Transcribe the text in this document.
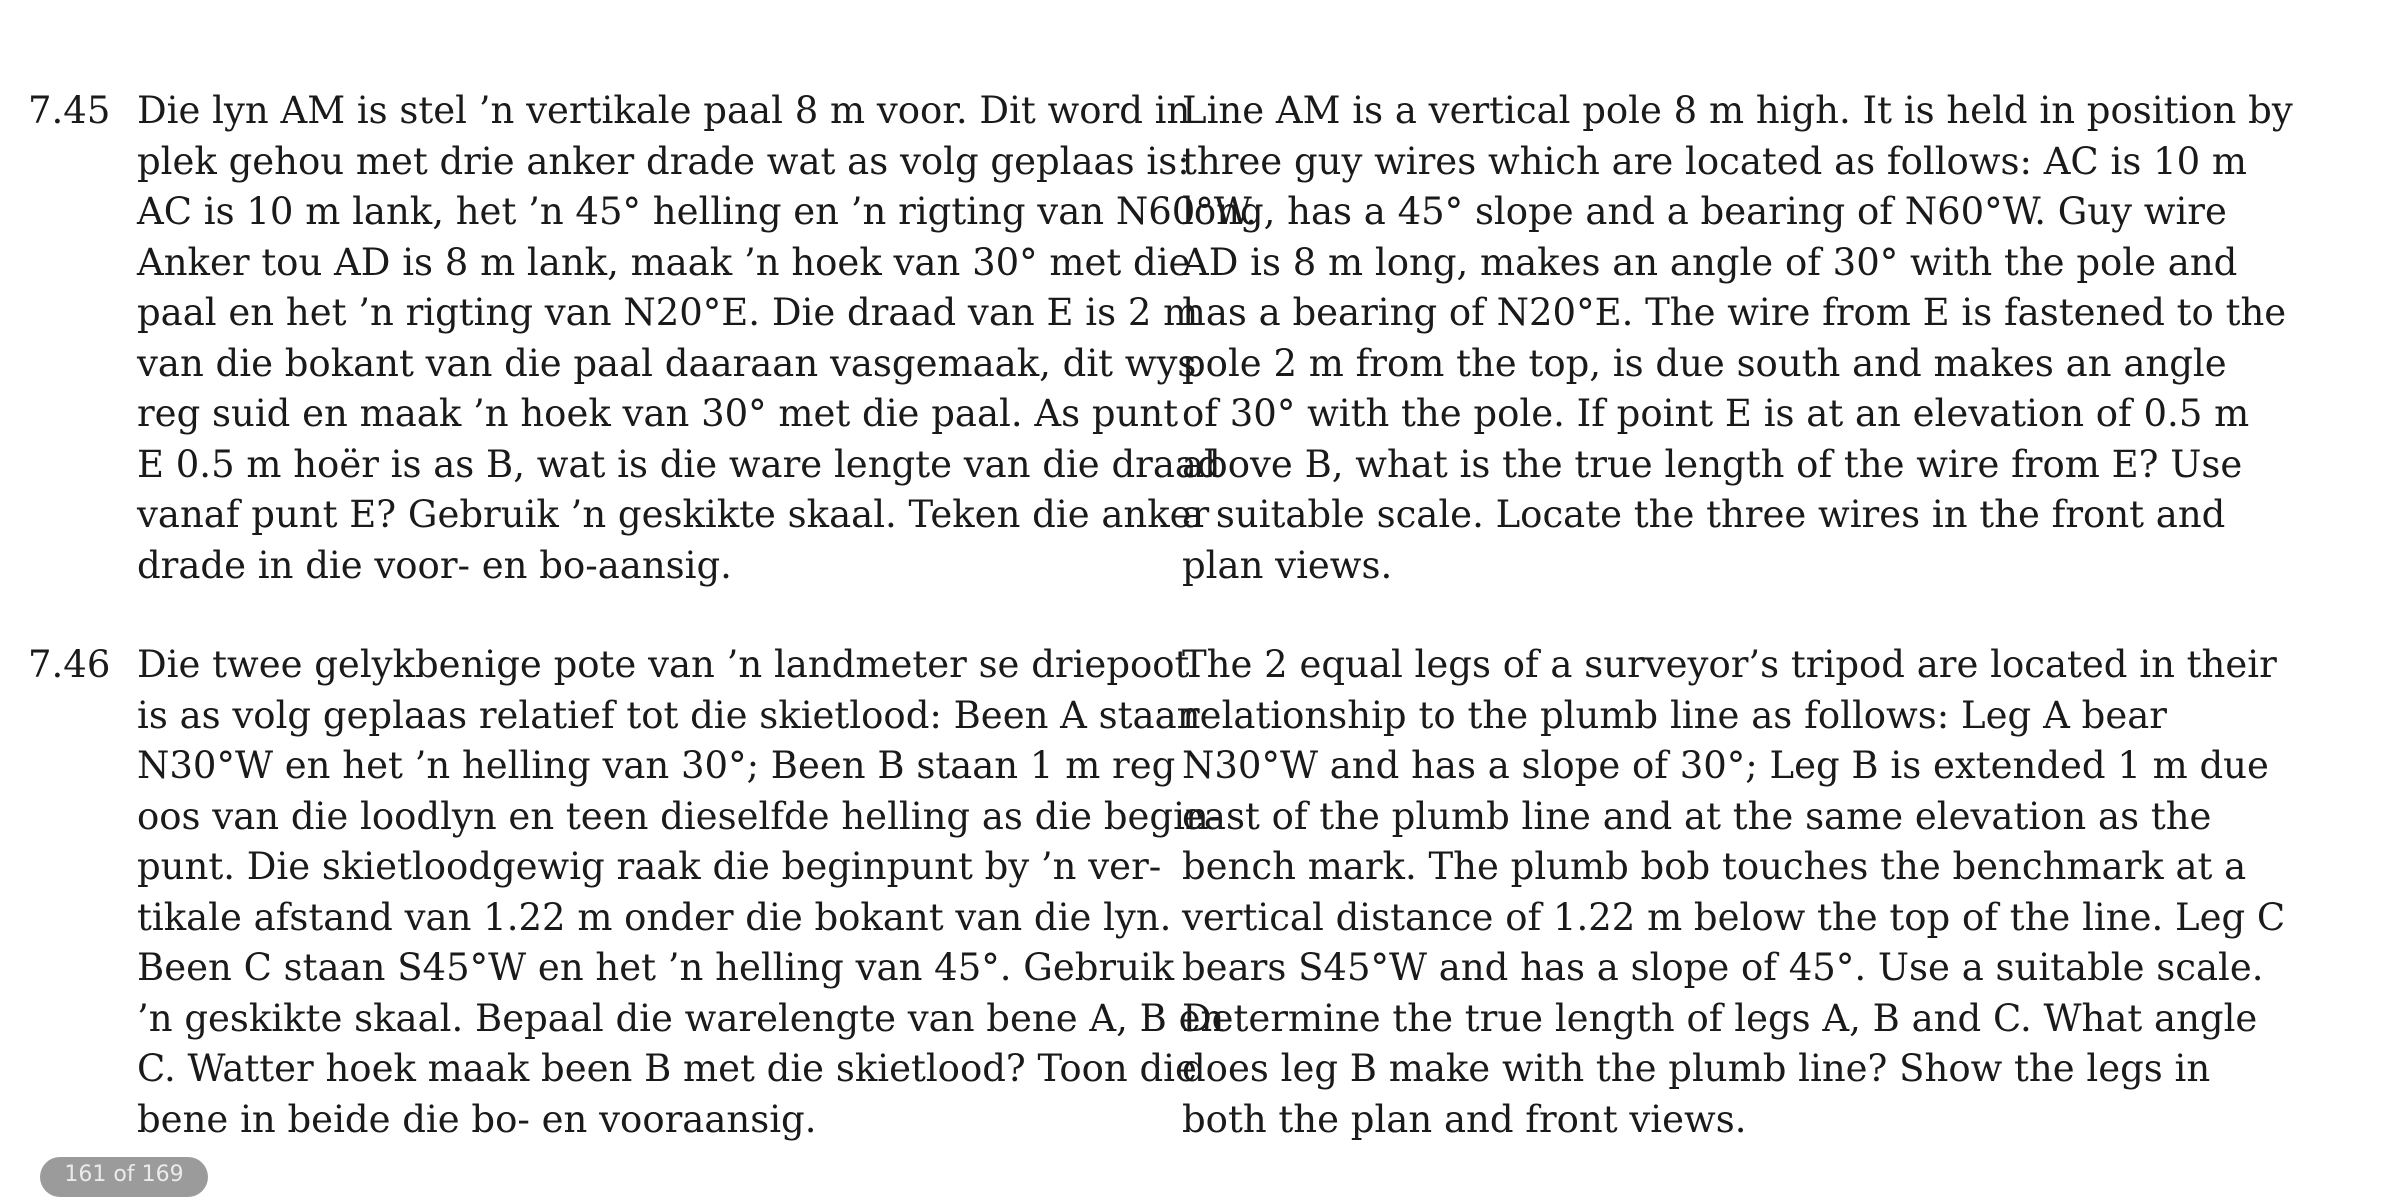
7.45 Die lyn AM is stel ’n vertikale paal 8 m voor. Dit word in
plek gehou met drie anker drade wat as volg geplaas is:
AC is 10 m lank, het ’n 45° helling en ’n rigting van N60°W.
Anker tou AD is 8 m lank, maak ’n hoek van 30° met die
paal en het ’n rigting van N20°E. Die draad van E is 2 m
van die bokant van die paal daaraan vasgemaak, dit wys
reg suid en maak ’n hoek van 30° met die paal. As punt
E 0.5 m hoër is as B, wat is die ware lengte van die draad
vanaf punt E? Gebruik ’n geskikte skaal. Teken die anker
drade in die voor- en bo-aansig.
Line AM is a vertical pole 8 m high. It is held in position by
three guy wires which are located as follows: AC is 10 m
long, has a 45° slope and a bearing of N60°W. Guy wire
AD is 8 m long, makes an angle of 30° with the pole and
has a bearing of N20°E. The wire from E is fastened to the
pole 2 m from the top, is due south and makes an angle
of 30° with the pole. If point E is at an elevation of 0.5 m
above B, what is the true length of the wire from E? Use
a suitable scale. Locate the three wires in the front and
plan views.
7.46 Die twee gelykbenige pote van ’n landmeter se driepoot
is as volg geplaas relatief tot die skietlood: Been A staan
N30°W en het ’n helling van 30°; Been B staan 1 m reg
oos van die loodlyn en teen dieselfde helling as die begin-
punt. Die skietloodgewig raak die beginpunt by ’n ver-
tikale afstand van 1.22 m onder die bokant van die lyn.
Been C staan S45°W en het ’n helling van 45°. Gebruik
’n geskikte skaal. Bepaal die warelengte van bene A, B en
C. Watter hoek maak been B met die skietlood? Toon die
bene in beide die bo- en vooraansig.
The 2 equal legs of a surveyor’s tripod are located in their
relationship to the plumb line as follows: Leg A bear
N30°W and has a slope of 30°; Leg B is extended 1 m due
east of the plumb line and at the same elevation as the
bench mark. The plumb bob touches the benchmark at a
vertical distance of 1.22 m below the top of the line. Leg C
bears S45°W and has a slope of 45°. Use a suitable scale.
Determine the true length of legs A, B and C. What angle
does leg B make with the plumb line? Show the legs in
both the plan and front views.
161 of 169
